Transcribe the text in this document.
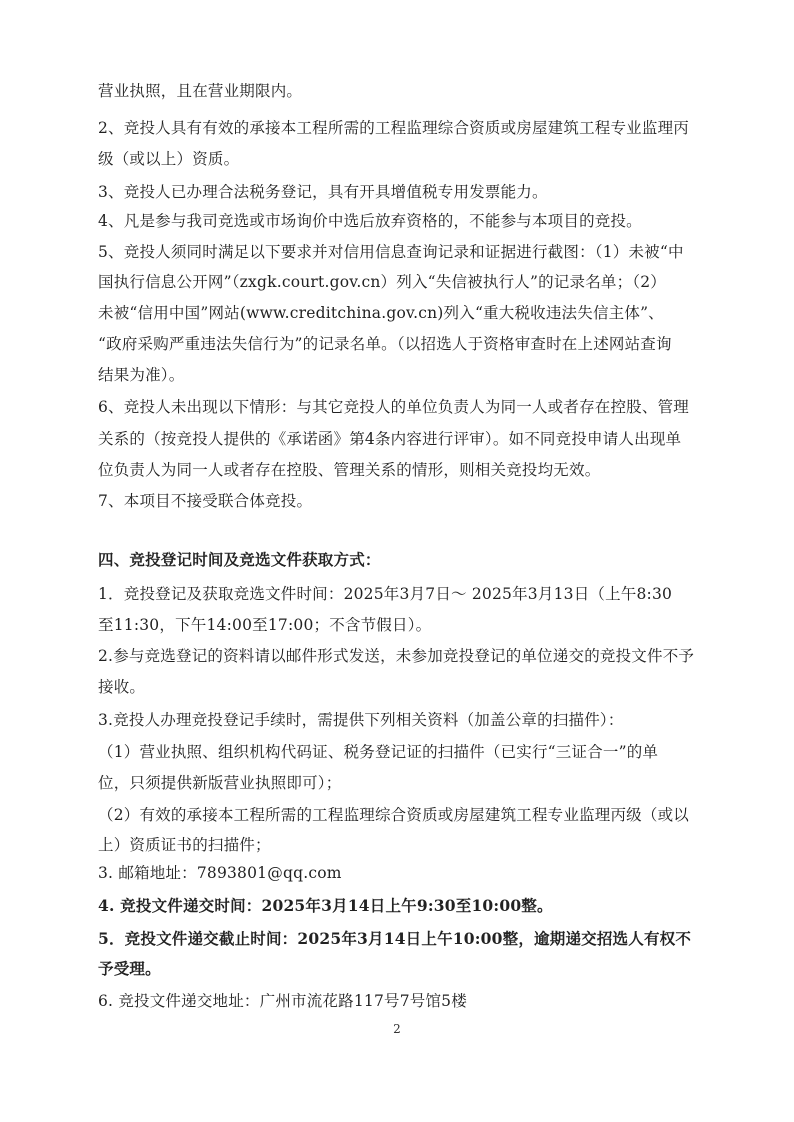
营业执照，且在营业期限内。
2、竞投人具有有效的承接本工程所需的工程监理综合资质或房屋建筑工程专业监理丙
级（或以上）资质。
3、竞投人已办理合法税务登记，具有开具增值税专用发票能力。
4、凡是参与我司竞选或市场询价中选后放弃资格的，不能参与本项目的竞投。
5、竞投人须同时满足以下要求并对信用信息查询记录和证据进行截图：（1）未被“中
国执行信息公开网”（zxgk.court.gov.cn）列入“失信被执行人”的记录名单；（2）
未被“信用中国”网站(www.creditchina.gov.cn)列入“重大税收违法失信主体”、
“政府采购严重违法失信行为”的记录名单。（以招选人于资格审查时在上述网站查询
结果为准）。
6、竞投人未出现以下情形：与其它竞投人的单位负责人为同一人或者存在控股、管理
关系的（按竞投人提供的《承诺函》第4条内容进行评审）。如不同竞投申请人出现单
位负责人为同一人或者存在控股、管理关系的情形，则相关竞投均无效。
7、本项目不接受联合体竞投。
四、竞投登记时间及竞选文件获取方式：
1．竞投登记及获取竞选文件时间：2025年3月7日～ 2025年3月13日（上午8:30
至11:30，下午14:00至17:00；不含节假日）。
2.参与竞选登记的资料请以邮件形式发送，未参加竞投登记的单位递交的竞投文件不予
接收。
3.竞投人办理竞投登记手续时，需提供下列相关资料（加盖公章的扫描件）：
（1）营业执照、组织机构代码证、税务登记证的扫描件（已实行“三证合一”的单
位，只须提供新版营业执照即可）；
（2）有效的承接本工程所需的工程监理综合资质或房屋建筑工程专业监理丙级（或以
上）资质证书的扫描件；
3. 邮箱地址：7893801@qq.com
4. 竞投文件递交时间：2025年3月14日上午9:30至10:00整。
5．竞投文件递交截止时间：2025年3月14日上午10:00整，逾期递交招选人有权不
予受理。
6. 竞投文件递交地址：广州市流花路117号7号馆5楼
2
